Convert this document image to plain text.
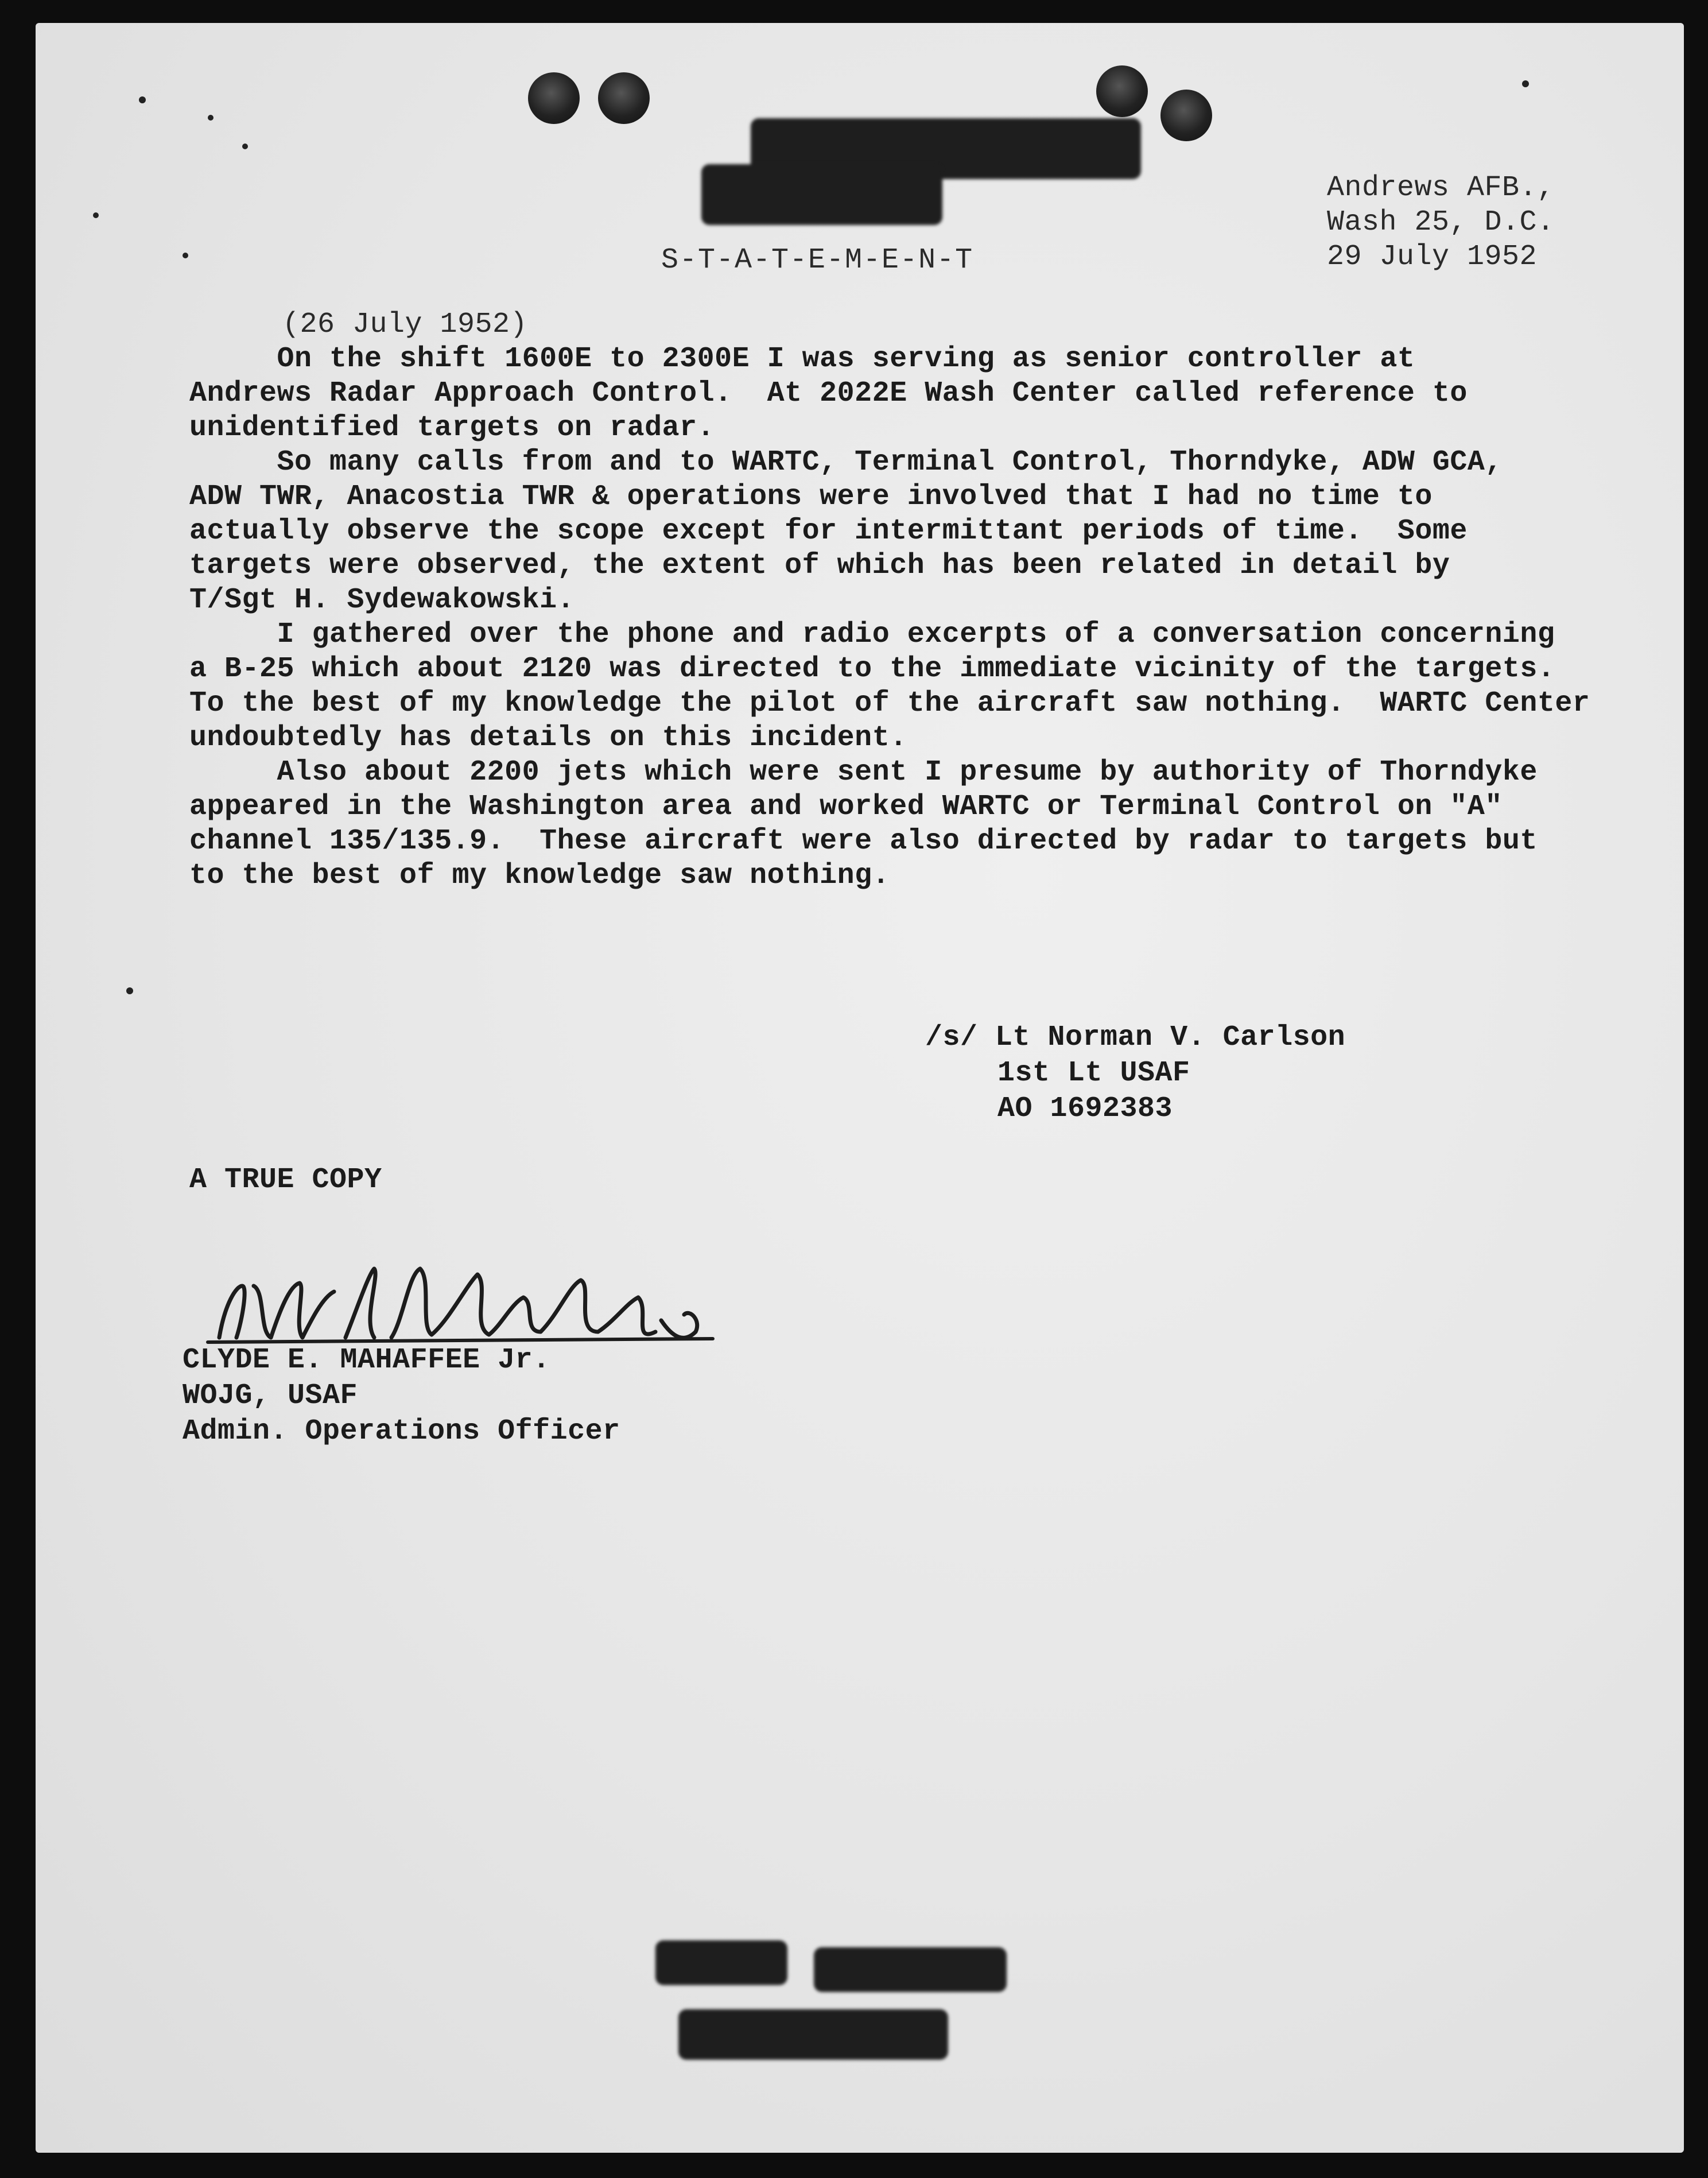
Andrews AFB.,

Wash 25, D.C.

29 July 1952

S-T-A-T-E-M-E-N-T

(26 July 1952)

On the shift 1600E to 2300E I was serving as senior controller at

Andrews Radar Approach Control.  At 2022E Wash Center called reference to

unidentified targets on radar.

So many calls from and to WARTC, Terminal Control, Thorndyke, ADW GCA,

ADW TWR, Anacostia TWR & operations were involved that I had no time to

actually observe the scope except for intermittant periods of time.  Some

targets were observed, the extent of which has been related in detail by

T/Sgt H. Sydewakowski.

I gathered over the phone and radio excerpts of a conversation concerning

a B-25 which about 2120 was directed to the immediate vicinity of the targets.

To the best of my knowledge the pilot of the aircraft saw nothing.  WARTC Center

undoubtedly has details on this incident.

Also about 2200 jets which were sent I presume by authority of Thorndyke

appeared in the Washington area and worked WARTC or Terminal Control on "A"

channel 135/135.9.  These aircraft were also directed by radar to targets but

to the best of my knowledge saw nothing.

/s/ Lt Norman V. Carlson

1st Lt USAF

AO 1692383

A TRUE COPY

CLYDE E. MAHAFFEE Jr.

WOJG, USAF

Admin. Operations Officer
